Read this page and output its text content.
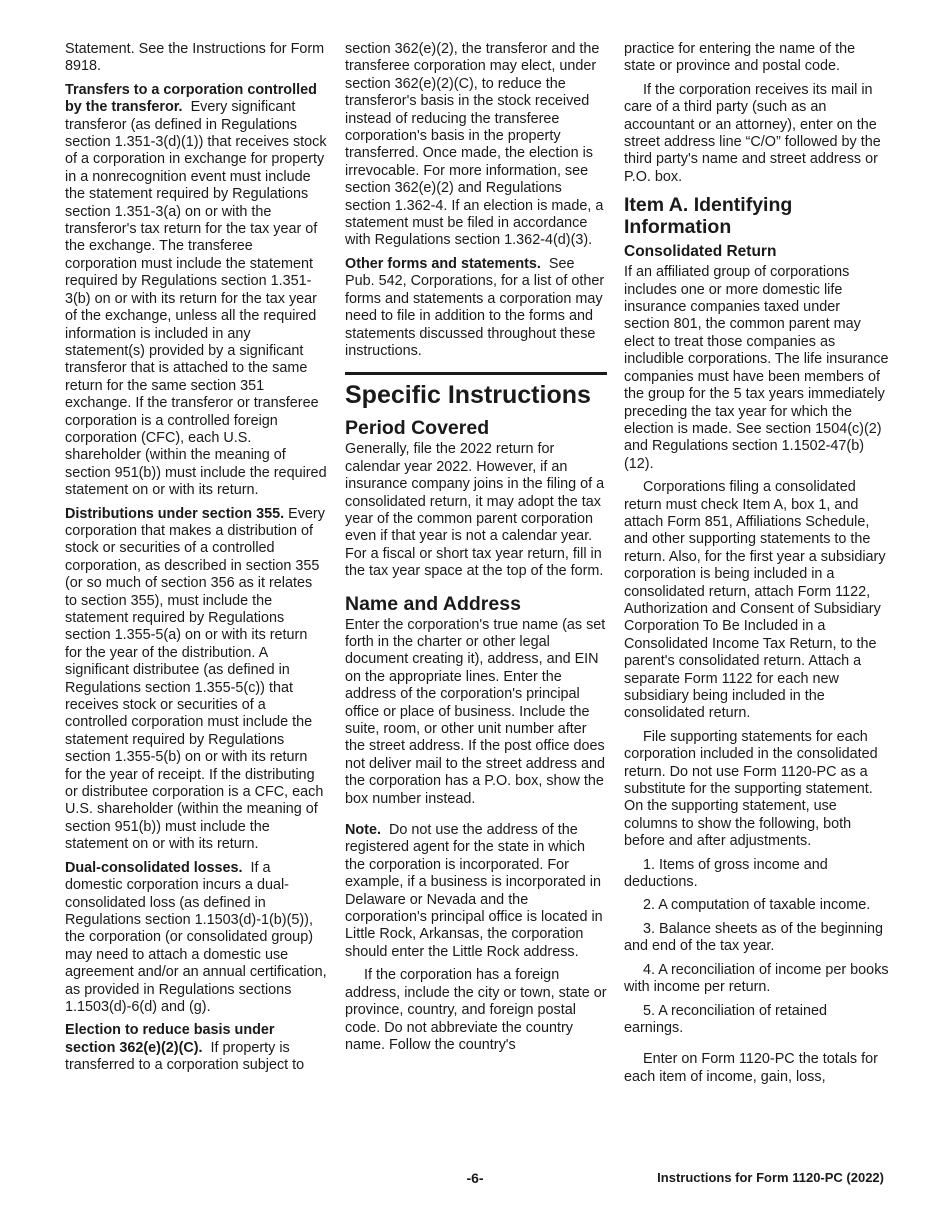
Statement. See the Instructions for Form 8918.

Transfers to a corporation controlled by the transferor. Every significant transferor (as defined in Regulations section 1.351-3(d)(1)) that receives stock of a corporation in exchange for property in a nonrecognition event must include the statement required by Regulations section 1.351-3(a) on or with the transferor's tax return for the tax year of the exchange. The transferee corporation must include the statement required by Regulations section 1.351-3(b) on or with its return for the tax year of the exchange, unless all the required information is included in any statement(s) provided by a significant transferor that is attached to the same return for the same section 351 exchange. If the transferor or transferee corporation is a controlled foreign corporation (CFC), each U.S. shareholder (within the meaning of section 951(b)) must include the required statement on or with its return.

Distributions under section 355. Every corporation that makes a distribution of stock or securities of a controlled corporation, as described in section 355 (or so much of section 356 as it relates to section 355), must include the statement required by Regulations section 1.355-5(a) on or with its return for the year of the distribution. A significant distributee (as defined in Regulations section 1.355-5(c)) that receives stock or securities of a controlled corporation must include the statement required by Regulations section 1.355-5(b) on or with its return for the year of receipt. If the distributing or distributee corporation is a CFC, each U.S. shareholder (within the meaning of section 951(b)) must include the statement on or with its return.

Dual-consolidated losses. If a domestic corporation incurs a dual-consolidated loss (as defined in Regulations section 1.1503(d)-1(b)(5)), the corporation (or consolidated group) may need to attach a domestic use agreement and/or an annual certification, as provided in Regulations sections 1.1503(d)-6(d) and (g).

Election to reduce basis under section 362(e)(2)(C). If property is transferred to a corporation subject to

section 362(e)(2), the transferor and the transferee corporation may elect, under section 362(e)(2)(C), to reduce the transferor's basis in the stock received instead of reducing the transferee corporation's basis in the property transferred. Once made, the election is irrevocable. For more information, see section 362(e)(2) and Regulations section 1.362-4. If an election is made, a statement must be filed in accordance with Regulations section 1.362-4(d)(3).

Other forms and statements. See Pub. 542, Corporations, for a list of other forms and statements a corporation may need to file in addition to the forms and statements discussed throughout these instructions.

Specific Instructions
Period Covered

Generally, file the 2022 return for calendar year 2022. However, if an insurance company joins in the filing of a consolidated return, it may adopt the tax year of the common parent corporation even if that year is not a calendar year. For a fiscal or short tax year return, fill in the tax year space at the top of the form.

Name and Address

Enter the corporation's true name (as set forth in the charter or other legal document creating it), address, and EIN on the appropriate lines. Enter the address of the corporation's principal office or place of business. Include the suite, room, or other unit number after the street address. If the post office does not deliver mail to the street address and the corporation has a P.O. box, show the box number instead.

Note. Do not use the address of the registered agent for the state in which the corporation is incorporated. For example, if a business is incorporated in Delaware or Nevada and the corporation's principal office is located in Little Rock, Arkansas, the corporation should enter the Little Rock address.

If the corporation has a foreign address, include the city or town, state or province, country, and foreign postal code. Do not abbreviate the country name. Follow the country's

practice for entering the name of the state or province and postal code.

If the corporation receives its mail in care of a third party (such as an accountant or an attorney), enter on the street address line “C/O” followed by the third party's name and street address or P.O. box.

Item A. Identifying Information
Consolidated Return

If an affiliated group of corporations includes one or more domestic life insurance companies taxed under section 801, the common parent may elect to treat those companies as includible corporations. The life insurance companies must have been members of the group for the 5 tax years immediately preceding the tax year for which the election is made. See section 1504(c)(2) and Regulations section 1.1502-47(b)(12).

Corporations filing a consolidated return must check Item A, box 1, and attach Form 851, Affiliations Schedule, and other supporting statements to the return. Also, for the first year a subsidiary corporation is being included in a consolidated return, attach Form 1122, Authorization and Consent of Subsidiary Corporation To Be Included in a Consolidated Income Tax Return, to the parent's consolidated return. Attach a separate Form 1122 for each new subsidiary being included in the consolidated return.

File supporting statements for each corporation included in the consolidated return. Do not use Form 1120-PC as a substitute for the supporting statement. On the supporting statement, use columns to show the following, both before and after adjustments.

1. Items of gross income and deductions.

2. A computation of taxable income.

3. Balance sheets as of the beginning and end of the tax year.

4. A reconciliation of income per books with income per return.

5. A reconciliation of retained earnings.

Enter on Form 1120-PC the totals for each item of income, gain, loss,

-6-	Instructions for Form 1120-PC (2022)
